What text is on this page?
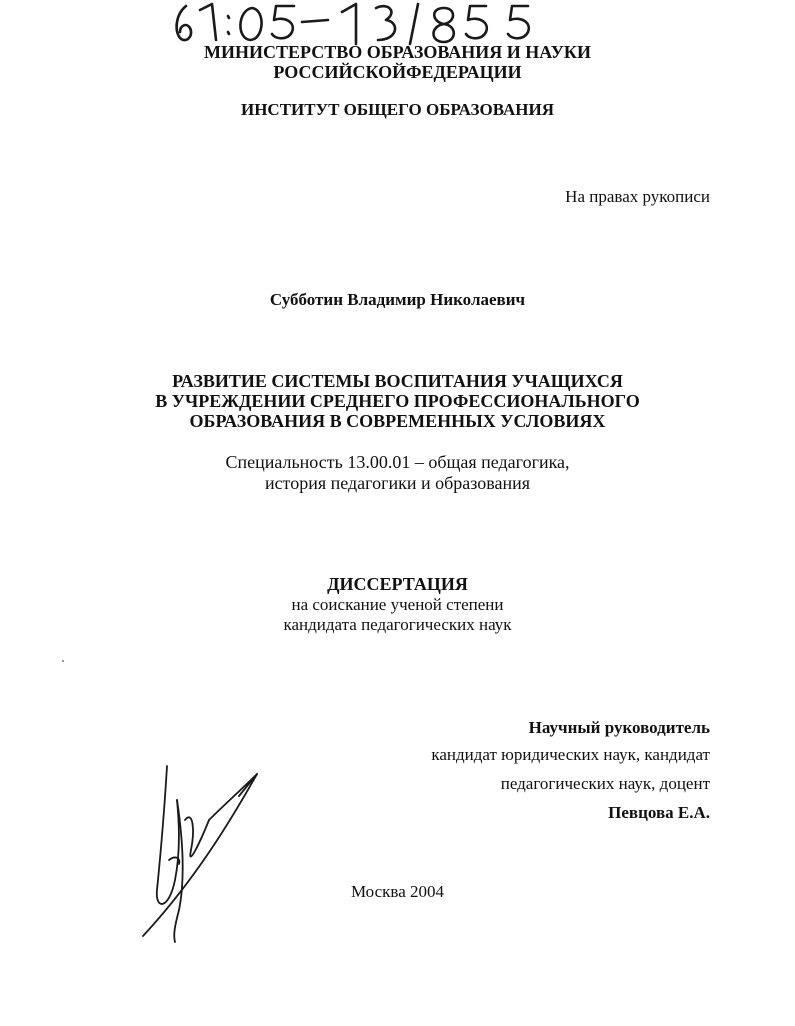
МИНИСТЕРСТВО ОБРАЗОВАНИЯ И НАУКИ
РОССИЙСКОЙФЕДЕРАЦИИ
ИНСТИТУТ ОБЩЕГО ОБРАЗОВАНИЯ
На правах рукописи
Субботин Владимир Николаевич
РАЗВИТИЕ СИСТЕМЫ ВОСПИТАНИЯ УЧАЩИХСЯ
В УЧРЕЖДЕНИИ СРЕДНЕГО ПРОФЕССИОНАЛЬНОГО
ОБРАЗОВАНИЯ В СОВРЕМЕННЫХ УСЛОВИЯХ
Специальность 13.00.01 – общая педагогика,
история педагогики и образования
ДИССЕРТАЦИЯ
на соискание ученой степени
кандидата педагогических наук
Научный руководитель
кандидат юридических наук, кандидат
педагогических наук, доцент
Певцова Е.А.
Москва 2004
